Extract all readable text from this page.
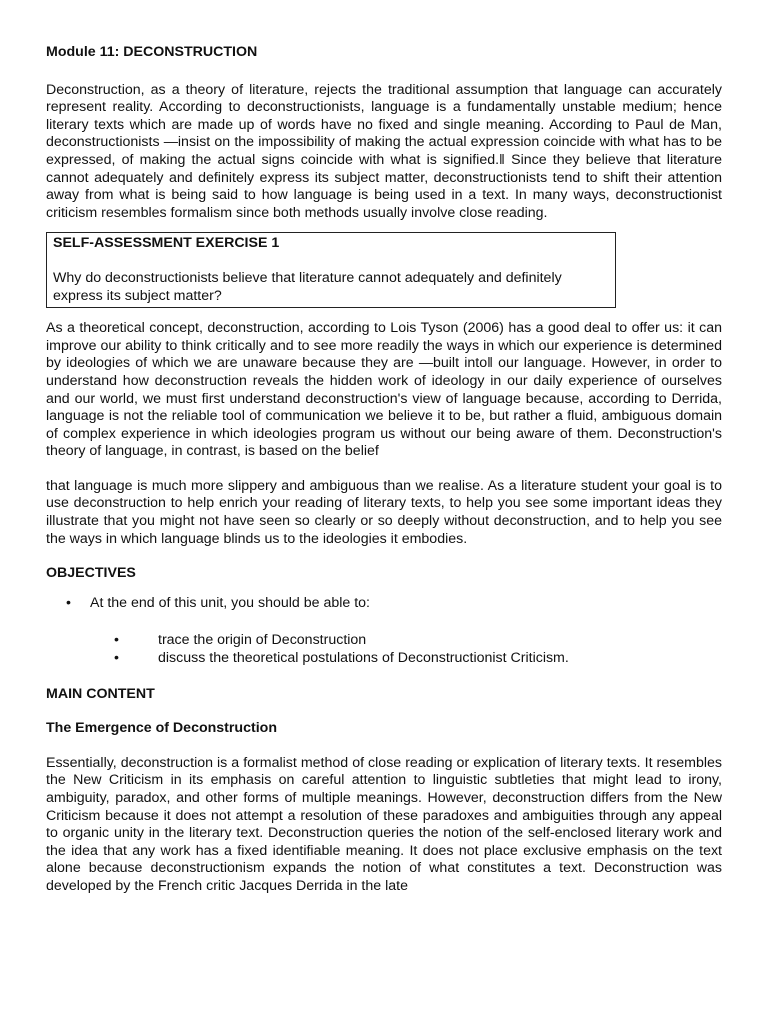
Module 11: DECONSTRUCTION

Deconstruction, as a theory of literature, rejects the traditional assumption that language can accurately represent reality. According to deconstructionists, language is a fundamentally unstable medium; hence literary texts which are made up of words have no fixed and single meaning. According to Paul de Man, deconstructionists ―insist on the impossibility of making the actual expression coincide with what has to be expressed, of making the actual signs coincide with what is signified.‖ Since they believe that literature cannot adequately and definitely express its subject matter, deconstructionists tend to shift their attention away from what is being said to how language is being used in a text. In many ways, deconstructionist criticism resembles formalism since both methods usually involve close reading.

SELF-ASSESSMENT EXERCISE 1

Why do deconstructionists believe that literature cannot adequately and definitely express its subject matter?

As a theoretical concept, deconstruction, according to Lois Tyson (2006) has a good deal to offer us: it can improve our ability to think critically and to see more readily the ways in which our experience is determined by ideologies of which we are unaware because they are ―built into‖ our language. However, in order to understand how deconstruction reveals the hidden work of ideology in our daily experience of ourselves and our world, we must first understand deconstruction's view of language because, according to Derrida, language is not the reliable tool of communication we believe it to be, but rather a fluid, ambiguous domain of complex experience in which ideologies program us without our being aware of them. Deconstruction's theory of language, in contrast, is based on the belief

that language is much more slippery and ambiguous than we realise. As a literature student your goal is to use deconstruction to help enrich your reading of literary texts, to help you see some important ideas they illustrate that you might not have seen so clearly or so deeply without deconstruction, and to help you see the ways in which language blinds us to the ideologies it embodies.

OBJECTIVES

• At the end of this unit, you should be able to:
•	trace the origin of Deconstruction
•	discuss the theoretical postulations of Deconstructionist Criticism.

MAIN CONTENT

The Emergence of Deconstruction

Essentially, deconstruction is a formalist method of close reading or explication of literary texts. It resembles the New Criticism in its emphasis on careful attention to linguistic subtleties that might lead to irony, ambiguity, paradox, and other forms of multiple meanings. However, deconstruction differs from the New Criticism because it does not attempt a resolution of these paradoxes and ambiguities through any appeal to organic unity in the literary text. Deconstruction queries the notion of the self-enclosed literary work and the idea that any work has a fixed identifiable meaning. It does not place exclusive emphasis on the text alone because deconstructionism expands the notion of what constitutes a text. Deconstruction was developed by the French critic Jacques Derrida in the late
